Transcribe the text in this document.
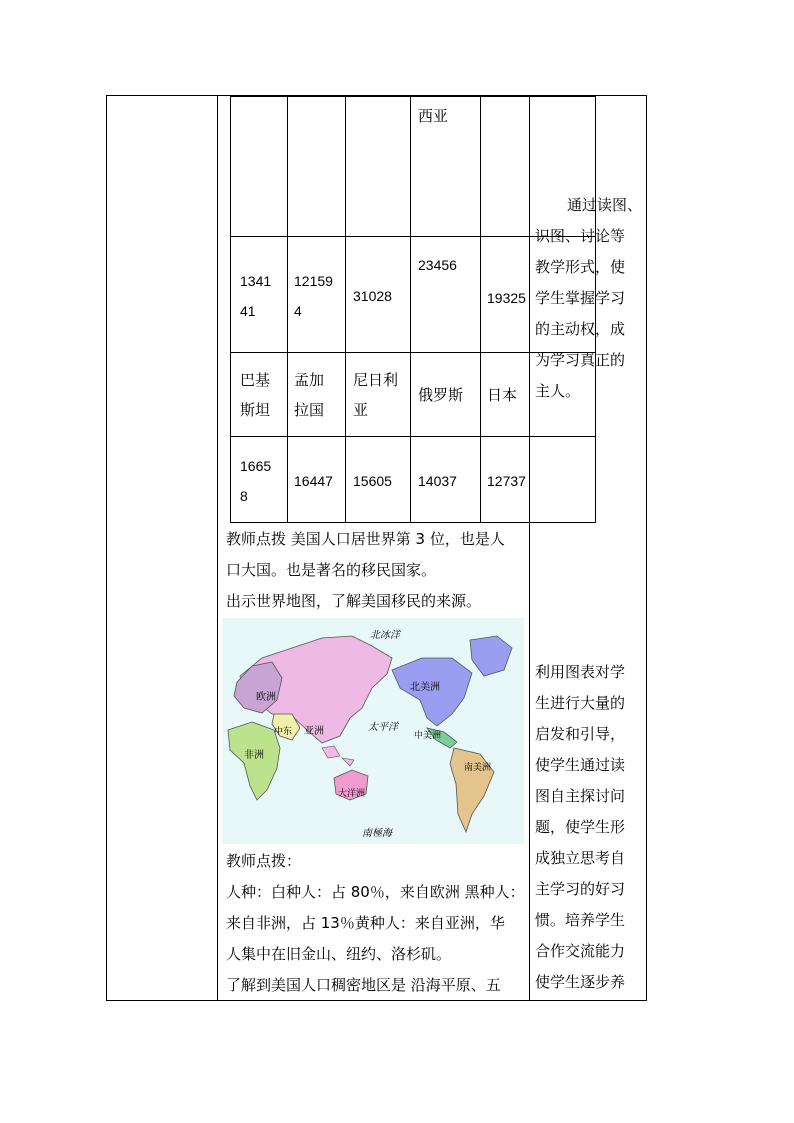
西亚
1341
41
12159
4
31028
23456
19325
巴基
斯坦
孟加
拉国
尼日利
亚
俄罗斯 日本
1665
8
16447 15605 14037 12737
通过读图、
识图、讨论等
教学形式，使
学生掌握学习
的主动权，成
为学习真正的
主人。
利用图表对学
生进行大量的
启发和引导，
使学生通过读
图自主探讨问
题，使学生形
成独立思考自
主学习的好习
惯。培养学生
合作交流能力
使学生逐步养
教师点拨 美国人口居世界第 3 位，也是人
口大国。也是著名的移民国家。
出示世界地图，了解美国移民的来源。
北冰洋
欧洲
亚洲
中东
非洲
太平洋
北美洲
中美洲
南美洲
大洋洲
南極海
教师点拨：
人种：白种人：占 80％，来自欧洲 黑种人：
来自非洲，占 13％黄种人：来自亚洲，华
人集中在旧金山、纽约、洛杉矶。
了解到美国人口稠密地区是 沿海平原、五
